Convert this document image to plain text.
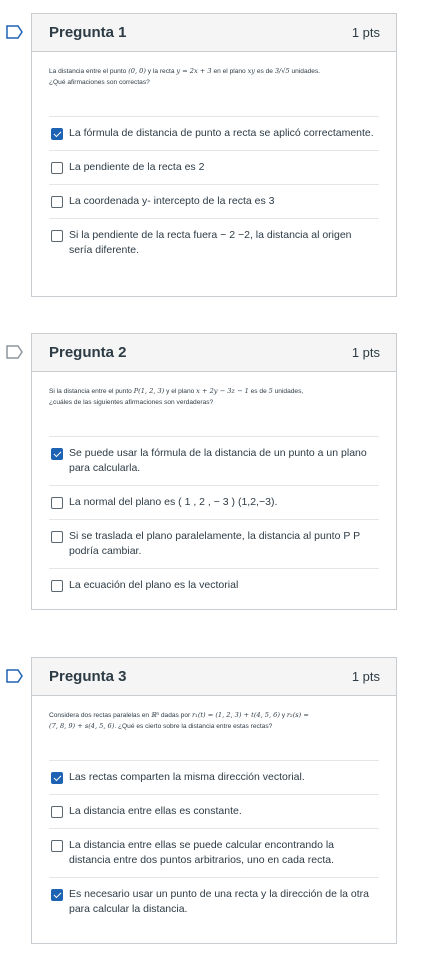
Pregunta 1	1 pts
La distancia entre el punto (0, 0) y la recta y = 2x + 3 en el plano xy es de 3/√5 unidades.
¿Qué afirmaciones son correctas?
La fórmula de distancia de punto a recta se aplicó correctamente.
La pendiente de la recta es 2
La coordenada y- intercepto de la recta es 3
Si la pendiente de la recta fuera − 2 −2, la distancia al origen sería diferente.
Pregunta 2	1 pts
Si la distancia entre el punto P(1, 2, 3) y el plano x + 2y − 3z − 1 es de 5 unidades,
¿cuáles de las siguientes afirmaciones son verdaderas?
Se puede usar la fórmula de la distancia de un punto a un plano para calcularla.
La normal del plano es ( 1 , 2 , − 3 ) (1,2,−3).
Si se traslada el plano paralelamente, la distancia al punto P P podría cambiar.
La ecuación del plano es la vectorial
Pregunta 3	1 pts
Considera dos rectas paralelas en ℝ³ dadas por r₁(t) = (1, 2, 3) + t(4, 5, 6) y r₂(s) =
(7, 8, 9) + s(4, 5, 6). ¿Qué es cierto sobre la distancia entre estas rectas?
Las rectas comparten la misma dirección vectorial.
La distancia entre ellas es constante.
La distancia entre ellas se puede calcular encontrando la distancia entre dos puntos arbitrarios, uno en cada recta.
Es necesario usar un punto de una recta y la dirección de la otra para calcular la distancia.
